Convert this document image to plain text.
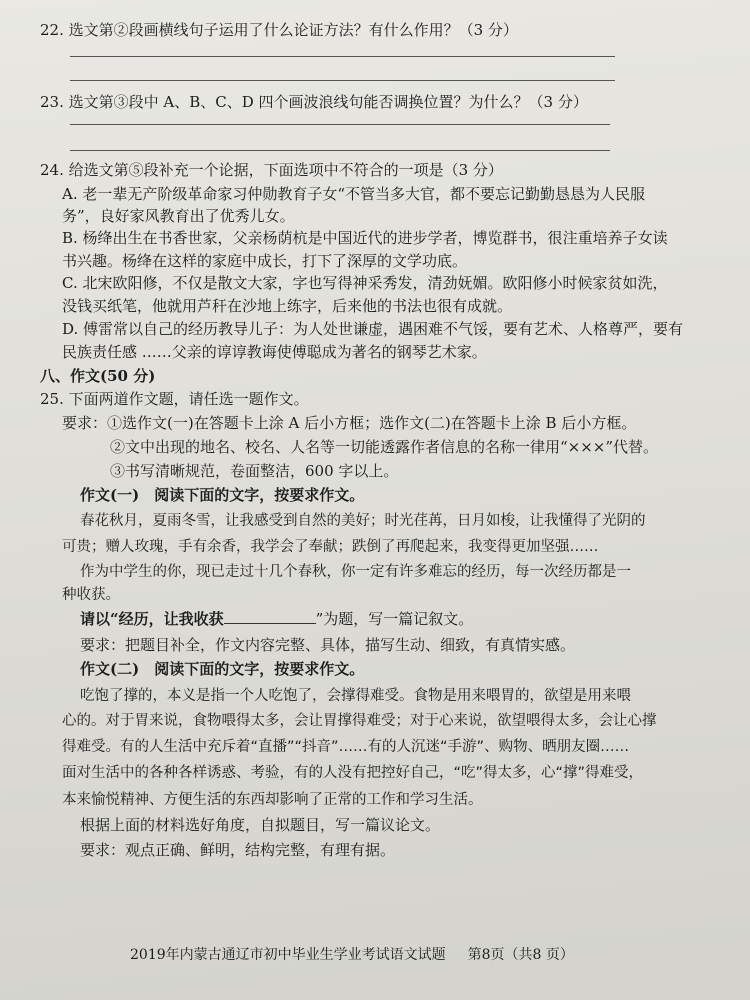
22. 选文第②段画横线句子运用了什么论证方法？有什么作用？（3 分）
23. 选文第③段中 A、B、C、D 四个画波浪线句能否调换位置？为什么？（3 分）
24. 给选文第⑤段补充一个论据，下面选项中不符合的一项是（3 分）
A. 老一辈无产阶级革命家习仲勋教育子女“不管当多大官，都不要忘记勤勤恳恳为人民服
务”，良好家风教育出了优秀儿女。
B. 杨绛出生在书香世家，父亲杨荫杭是中国近代的进步学者，博览群书，很注重培养子女读
书兴趣。杨绛在这样的家庭中成长，打下了深厚的文学功底。
C. 北宋欧阳修，不仅是散文大家，字也写得神采秀发，清劲妩媚。欧阳修小时候家贫如洗，
没钱买纸笔，他就用芦秆在沙地上练字，后来他的书法也很有成就。
D. 傅雷常以自己的经历教导儿子：为人处世谦虚，遇困难不气馁，要有艺术、人格尊严，要有
民族责任感 ……父亲的谆谆教诲使傅聪成为著名的钢琴艺术家。
八、作文(50 分)
25. 下面两道作文题，请任选一题作文。
要求：①选作文(一)在答题卡上涂 A 后小方框；选作文(二)在答题卡上涂 B 后小方框。
②文中出现的地名、校名、人名等一切能透露作者信息的名称一律用“×××”代替。
③书写清晰规范，卷面整洁，600 字以上。
作文(一)　阅读下面的文字，按要求作文。
春花秋月，夏雨冬雪，让我感受到自然的美好；时光荏苒，日月如梭，让我懂得了光阴的
可贵；赠人玫瑰，手有余香，我学会了奉献；跌倒了再爬起来，我变得更加坚强……
作为中学生的你，现已走过十几个春秋，你一定有许多难忘的经历，每一次经历都是一
种收获。
请以“经历，让我收获	”为题，写一篇记叙文。
要求：把题目补全，作文内容完整、具体，描写生动、细致，有真情实感。
作文(二)　阅读下面的文字，按要求作文。
吃饱了撑的，本义是指一个人吃饱了，会撑得难受。食物是用来喂胃的，欲望是用来喂
心的。对于胃来说，食物喂得太多，会让胃撑得难受；对于心来说，欲望喂得太多，会让心撑
得难受。有的人生活中充斥着“直播”“抖音”……有的人沉迷“手游”、购物、晒朋友圈……
面对生活中的各种各样诱惑、考验，有的人没有把控好自己，“吃”得太多，心“撑”得难受，
本来愉悦精神、方便生活的东西却影响了正常的工作和学习生活。
根据上面的材料选好角度，自拟题目，写一篇议论文。
要求：观点正确、鲜明，结构完整，有理有据。
2019年内蒙古通辽市初中毕业生学业考试语文试题 第8页（共8 页）
